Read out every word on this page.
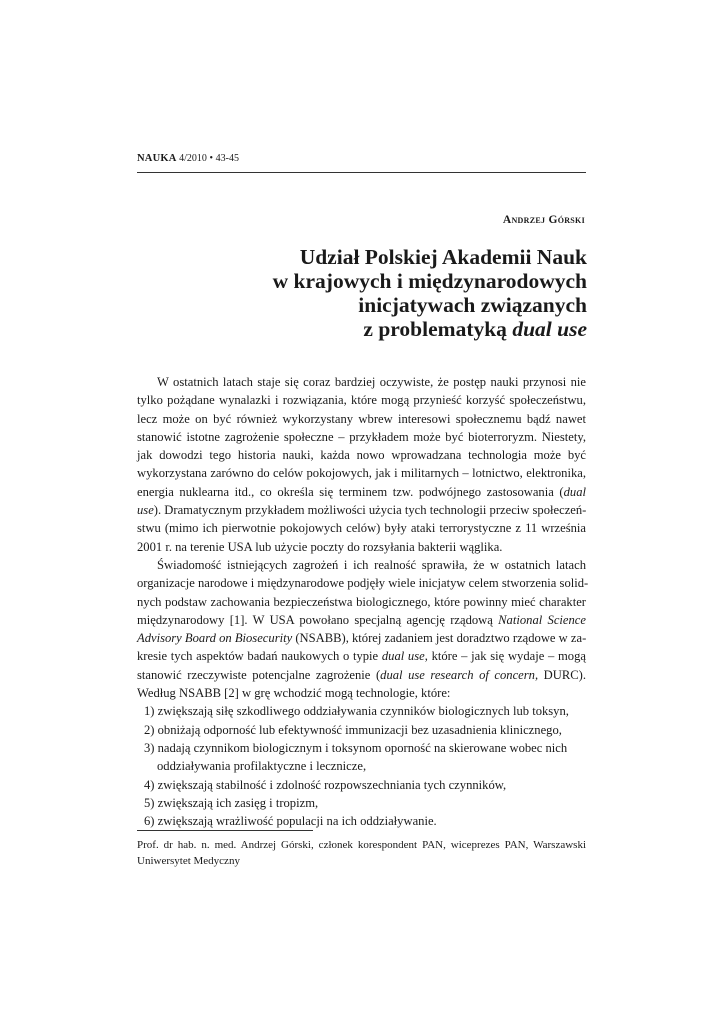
NAUKA 4/2010 • 43-45
Andrzej Górski
Udział Polskiej Akademii Nauk
w krajowych i międzynarodowych
inicjatywach związanych
z problematyką dual use
W ostatnich latach staje się coraz bardziej oczywiste, że postęp nauki przynosi nie
tylko pożądane wynalazki i rozwiązania, które mogą przynieść korzyść społeczeństwu,
lecz może on być również wykorzystany wbrew interesowi społecznemu bądź nawet
stanowić istotne zagrożenie społeczne – przykładem może być bioterroryzm. Niestety,
jak dowodzi tego historia nauki, każda nowo wprowadzana technologia może być
wykorzystana zarówno do celów pokojowych, jak i militarnych – lotnictwo, elektronika,
energia nuklearna itd., co określa się terminem tzw. podwójnego zastosowania (dual
use). Dramatycznym przykładem możliwości użycia tych technologii przeciw społeczeń-
stwu (mimo ich pierwotnie pokojowych celów) były ataki terrorystyczne z 11 września
2001 r. na terenie USA lub użycie poczty do rozsyłania bakterii wąglika.
Świadomość istniejących zagrożeń i ich realność sprawiła, że w ostatnich latach
organizacje narodowe i międzynarodowe podjęły wiele inicjatyw celem stworzenia solid-
nych podstaw zachowania bezpieczeństwa biologicznego, które powinny mieć charakter
międzynarodowy [1]. W USA powołano specjalną agencję rządową National Science
Advisory Board on Biosecurity (NSABB), której zadaniem jest doradztwo rządowe w za-
kresie tych aspektów badań naukowych o typie dual use, które – jak się wydaje – mogą
stanowić rzeczywiste potencjalne zagrożenie (dual use research of concern, DURC).
Według NSABB [2] w grę wchodzić mogą technologie, które:
1) zwiększają siłę szkodliwego oddziaływania czynników biologicznych lub toksyn,
2) obniżają odporność lub efektywność immunizacji bez uzasadnienia klinicznego,
3) nadają czynnikom biologicznym i toksynom oporność na skierowane wobec nich
oddziaływania profilaktyczne i lecznicze,
4) zwiększają stabilność i zdolność rozpowszechniania tych czynników,
5) zwiększają ich zasięg i tropizm,
6) zwiększają wrażliwość populacji na ich oddziaływanie.
Prof. dr hab. n. med. Andrzej Górski, członek korespondent PAN, wiceprezes PAN, Warszawski
Uniwersytet Medyczny
